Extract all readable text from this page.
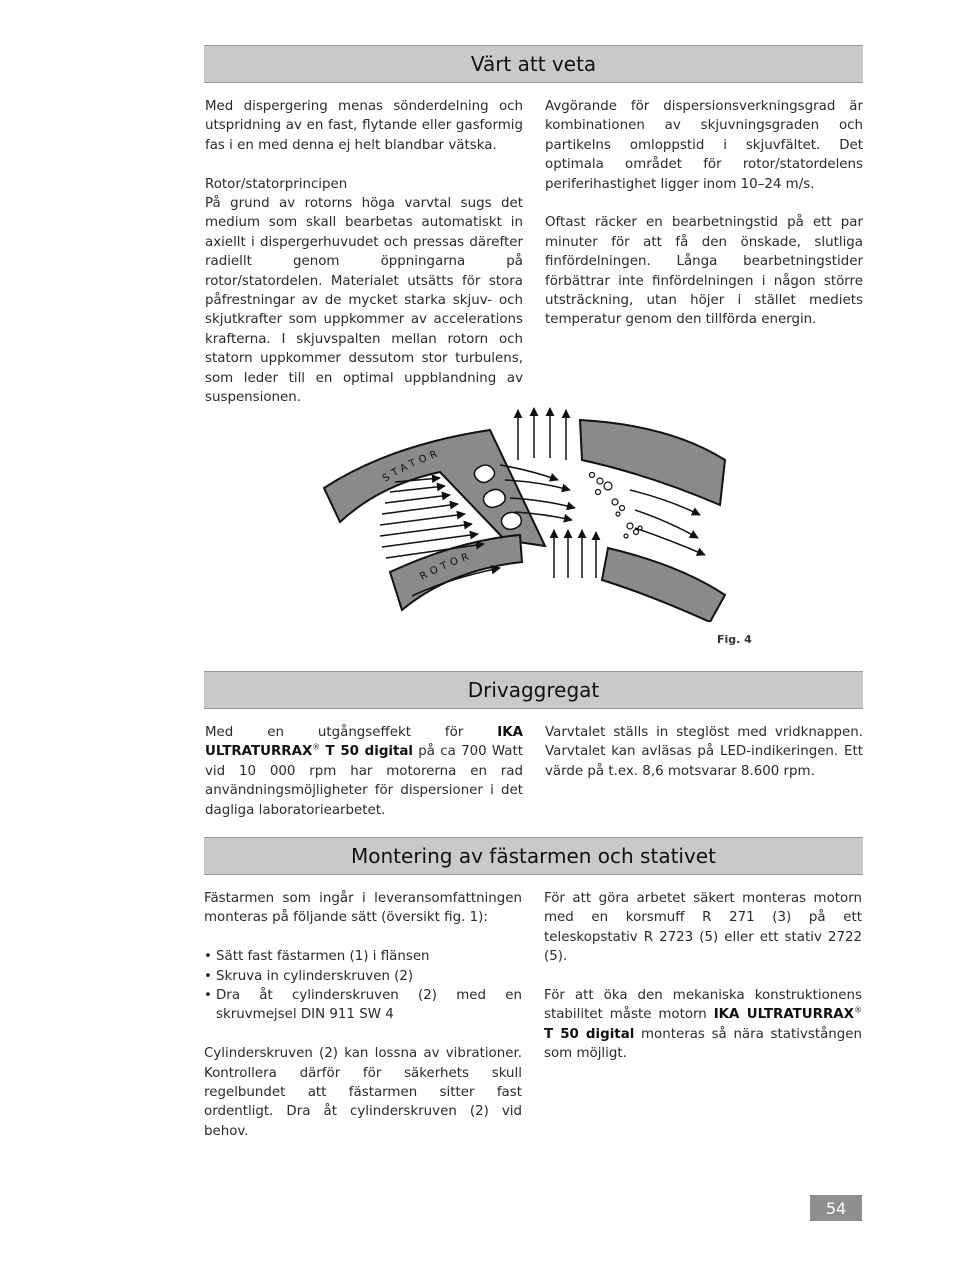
Värt att veta

Med dispergering menas sönderdelning och utspridning av en fast, flytande eller gasformig fas i en med denna ej helt blandbar vätska.

Rotor/statorprincipen
På grund av rotorns höga varvtal sugs det medium som skall bearbetas automatiskt in axiellt i dispergerhuvudet och pressas därefter radiellt genom öppningarna på rotor/statordelen. Materialet utsätts för stora påfrestningar av de mycket starka skjuv- och skjutkrafter som uppkommer av accelerations krafterna. I skjuvspalten mellan rotorn och statorn uppkommer dessutom stor turbulens, som leder till en optimal uppblandning av suspensionen.

Avgörande för dispersionsverkningsgrad är kombinationen av skjuvningsgraden och partikelns omloppstid i skjuvfältet. Det optimala området för rotor/statordelens periferihastighet ligger inom 10–24 m/s.

Oftast räcker en bearbetningstid på ett par minuter för att få den önskade, slutliga finfördelningen. Långa bearbetningstider förbättrar inte finfördelningen i någon större utsträckning, utan höjer i stället mediets temperatur genom den tillförda energin.

STATOR
ROTOR
Fig. 4
Drivaggregat

Med en utgångseffekt för IKA ULTRATURRAX® T 50 digital på ca 700 Watt vid 10 000 rpm har motorerna en rad användningsmöjligheter för dispersioner i det dagliga laboratoriearbetet.

Varvtalet ställs in steglöst med vridknappen. Varvtalet kan avläsas på LED-indikeringen. Ett värde på t.ex. 8,6 motsvarar 8.600 rpm.

Montering av fästarmen och stativet

Fästarmen som ingår i leveransomfattningen monteras på följande sätt (översikt fig. 1):

• Sätt fast fästarmen (1) i flänsen
• Skruva in cylinderskruven (2)
• Dra åt cylinderskruven (2) med en skruvmejsel DIN 911 SW 4

Cylinderskruven (2) kan lossna av vibrationer. Kontrollera därför för säkerhets skull regelbundet att fästarmen sitter fast ordentligt. Dra åt cylinderskruven (2) vid behov.

För att göra arbetet säkert monteras motorn med en korsmuff R 271 (3) på ett teleskopstativ R 2723 (5) eller ett stativ 2722 (5).

För att öka den mekaniska konstruktionens stabilitet måste motorn IKA ULTRATURRAX® T 50 digital monteras så nära stativstången som möjligt.

54
